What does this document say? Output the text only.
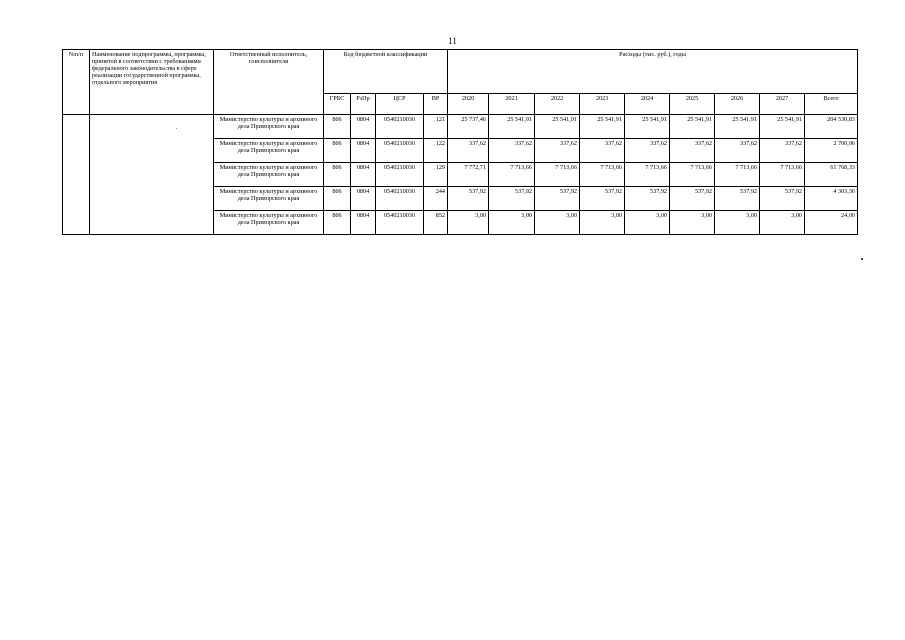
11
№п/п	Наименование подпрограммы, программы, принятой в соответствии с требованиями федерального законодательства в сфере реализации государственной программы, отдельного мероприятия	Ответственный исполнитель, соисполнители	Код бюджетной классификации				Расходы (тыс. руб.), годы								
			ГРБС	РзПр	ЦСР	ВР	2020	2021	2022	2023	2024	2025	2026	2027	Всего
		Министерство культуры и архивного дела Приморского края	806	0804	0540210030	121	25 737,46	25 541,91	25 541,91	25 541,91	25 541,91	25 541,91	25 541,91	25 541,91	204 530,83
		Министерство культуры и архивного дела Приморского края	806	0804	0540210030	122	337,62	337,62	337,62	337,62	337,62	337,62	337,62	337,62	2 700,96
		Министерство культуры и архивного дела Приморского края	806	0804	0540210030	129	7 772,71	7 713,66	7 713,66	7 713,66	7 713,66	7 713,66	7 713,66	7 713,66	61 768,33
		Министерство культуры и архивного дела Приморского края	806	0804	0540210030	244	537,92	537,92	537,92	537,92	537,92	537,92	537,92	537,92	4 303,36
		Министерство культуры и архивного дела Приморского края	806	0804	0540210030	852	3,00	3,00	3,00	3,00	3,00	3,00	3,00	3,00	24,00
